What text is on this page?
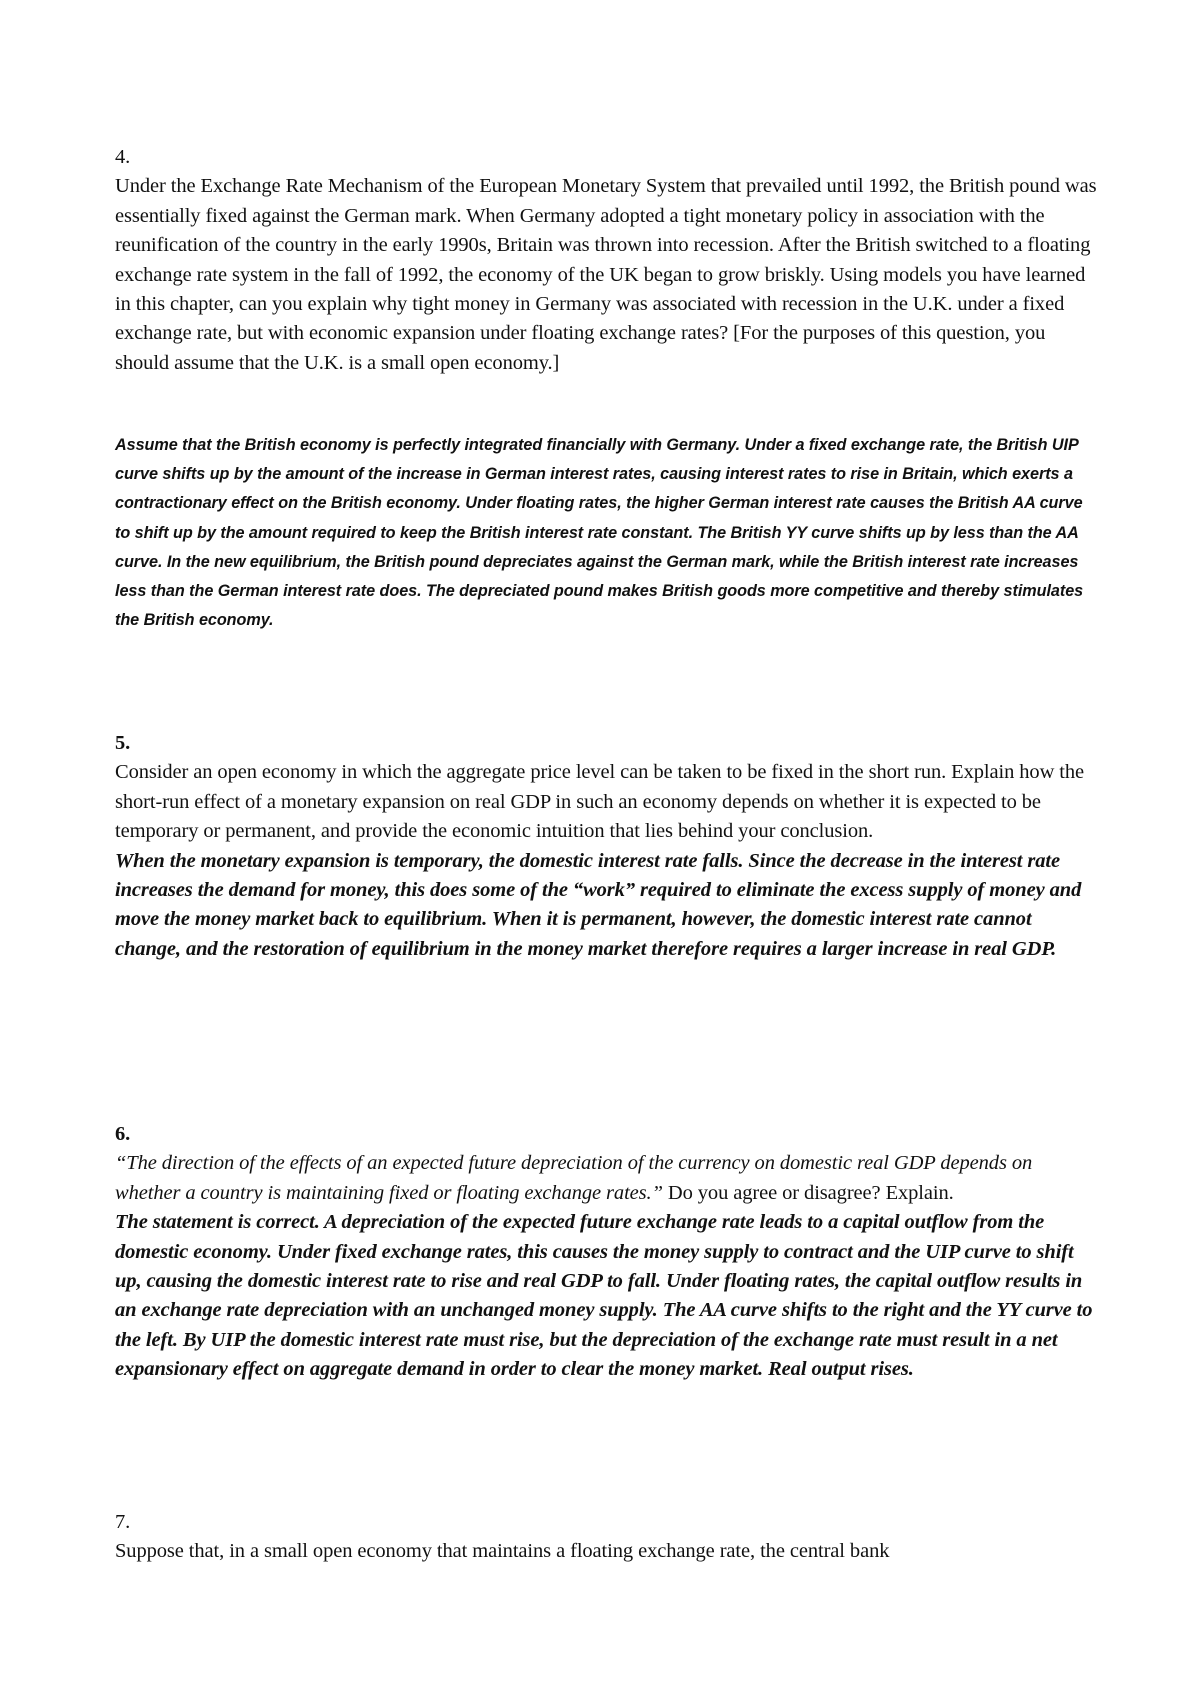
4.
Under the Exchange Rate Mechanism of the European Monetary System that prevailed until 1992, the British pound was essentially fixed against the German mark. When Germany adopted a tight monetary policy in association with the reunification of the country in the early 1990s, Britain was thrown into recession. After the British switched to a floating exchange rate system in the fall of 1992, the economy of the UK began to grow briskly. Using models you have learned in this chapter, can you explain why tight money in Germany was associated with recession in the U.K. under a fixed exchange rate, but with economic expansion under floating exchange rates? [For the purposes of this question, you should assume that the U.K. is a small open economy.]
Assume that the British economy is perfectly integrated financially with Germany. Under a fixed exchange rate, the British UIP curve shifts up by the amount of the increase in German interest rates, causing interest rates to rise in Britain, which exerts a contractionary effect on the British economy. Under floating rates, the higher German interest rate causes the British AA curve to shift up by the amount required to keep the British interest rate constant. The British YY curve shifts up by less than the AA curve. In the new equilibrium, the British pound depreciates against the German mark, while the British interest rate increases less than the German interest rate does. The depreciated pound makes British goods more competitive and thereby stimulates the British economy.
5.
Consider an open economy in which the aggregate price level can be taken to be fixed in the short run. Explain how the short-run effect of a monetary expansion on real GDP in such an economy depends on whether it is expected to be temporary or permanent, and provide the economic intuition that lies behind your conclusion.
When the monetary expansion is temporary, the domestic interest rate falls. Since the decrease in the interest rate increases the demand for money, this does some of the “work” required to eliminate the excess supply of money and move the money market back to equilibrium. When it is permanent, however, the domestic interest rate cannot change, and the restoration of equilibrium in the money market therefore requires a larger increase in real GDP.
6.
“The direction of the effects of an expected future depreciation of the currency on domestic real GDP depends on whether a country is maintaining fixed or floating exchange rates.” Do you agree or disagree? Explain.
The statement is correct. A depreciation of the expected future exchange rate leads to a capital outflow from the domestic economy. Under fixed exchange rates, this causes the money supply to contract and the UIP curve to shift up, causing the domestic interest rate to rise and real GDP to fall. Under floating rates, the capital outflow results in an exchange rate depreciation with an unchanged money supply. The AA curve shifts to the right and the YY curve to the left. By UIP the domestic interest rate must rise, but the depreciation of the exchange rate must result in a net expansionary effect on aggregate demand in order to clear the money market. Real output rises.
7.
Suppose that, in a small open economy that maintains a floating exchange rate, the central bank
